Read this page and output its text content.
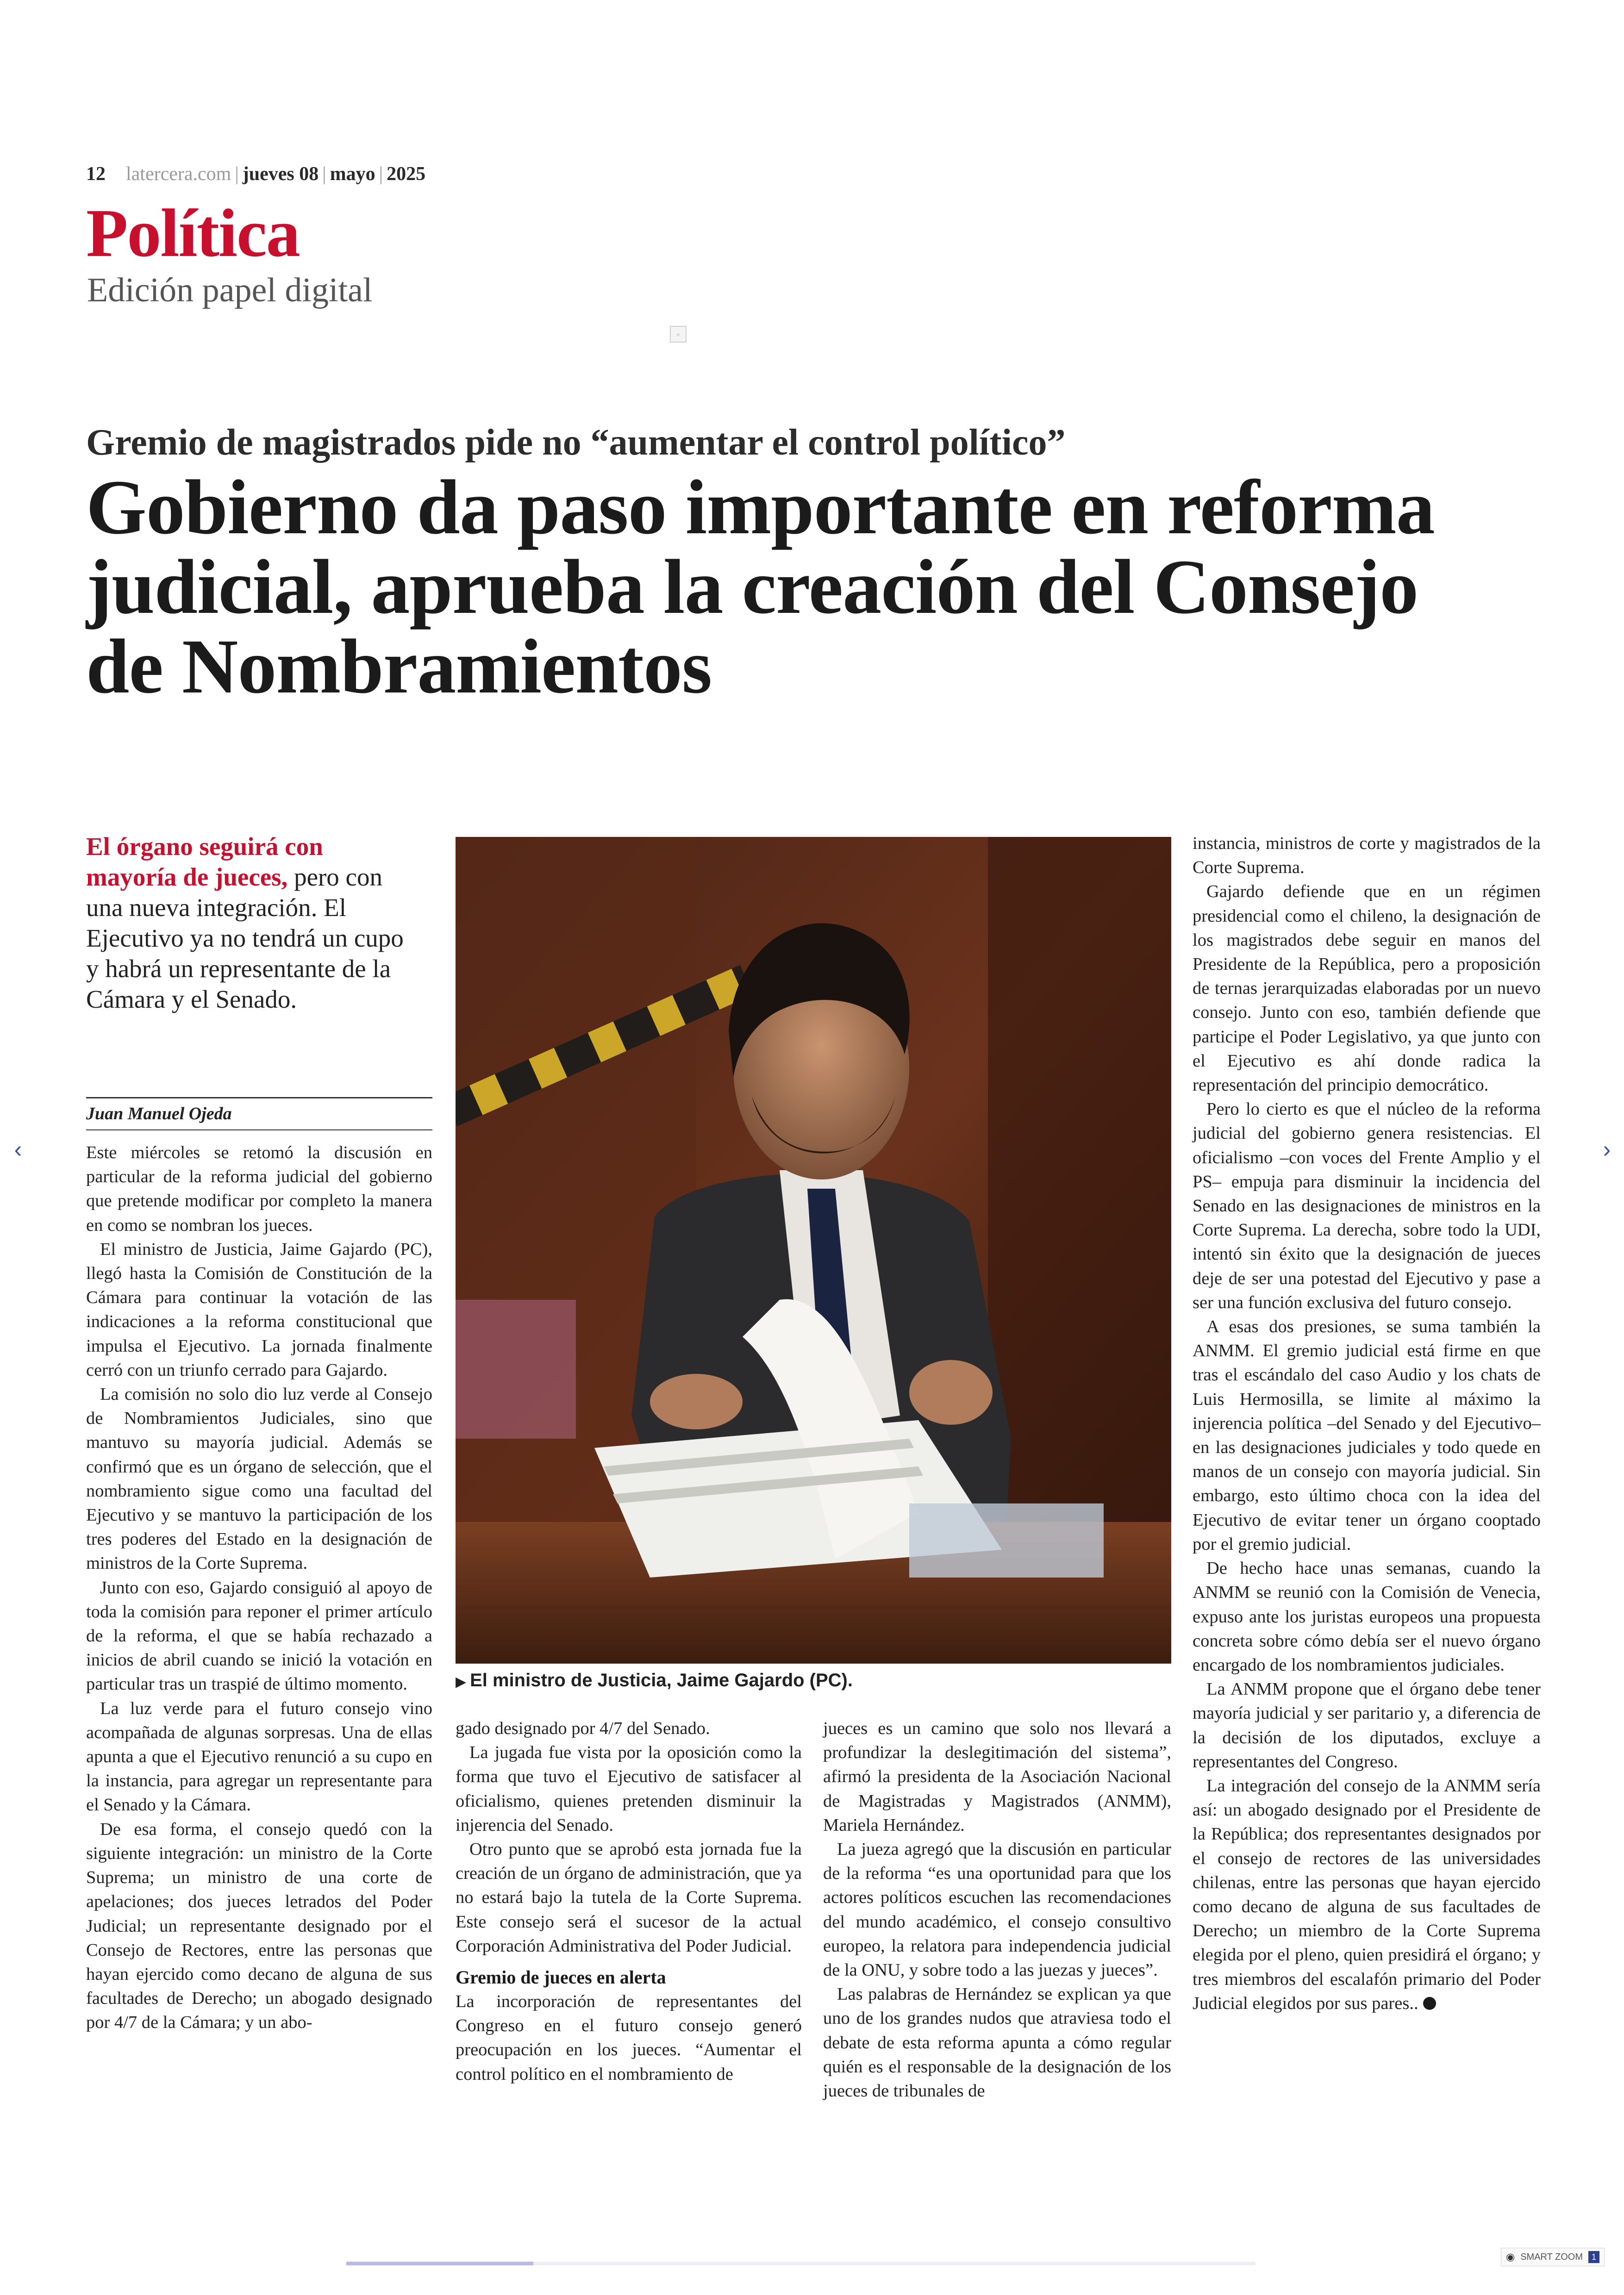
12 latercera.com | jueves 08 | mayo | 2025
Política
Edición papel digital
▫
Gremio de magistrados pide no “aumentar el control político”
Gobierno da paso importante en reforma judicial, aprueba la creación del Consejo de Nombramientos
El órgano seguirá con mayoría de jueces, pero con una nueva integración. El Ejecutivo ya no tendrá un cupo y habrá un representante de la Cámara y el Senado.
Juan Manuel Ojeda

Este miércoles se retomó la discusión en particular de la reforma judicial del gobierno que pretende modificar por completo la manera en como se nombran los jueces.

El ministro de Justicia, Jaime Gajardo (PC), llegó hasta la Comisión de Constitución de la Cámara para continuar la votación de las indicaciones a la reforma constitucional que impulsa el Ejecutivo. La jornada finalmente cerró con un triunfo cerrado para Gajardo.

La comisión no solo dio luz verde al Consejo de Nombramientos Judiciales, sino que mantuvo su mayoría judicial. Además se confirmó que es un órgano de selección, que el nombramiento sigue como una facultad del Ejecutivo y se mantuvo la participación de los tres poderes del Estado en la designación de ministros de la Corte Suprema.

Junto con eso, Gajardo consiguió al apoyo de toda la comisión para reponer el primer artículo de la reforma, el que se había rechazado a inicios de abril cuando se inició la votación en particular tras un traspié de último momento.

La luz verde para el futuro consejo vino acompañada de algunas sorpresas. Una de ellas apunta a que el Ejecutivo renunció a su cupo en la instancia, para agregar un representante para el Senado y la Cámara.

De esa forma, el consejo quedó con la siguiente integración: un ministro de la Corte Suprema; un ministro de una corte de apelaciones; dos jueces letrados del Poder Judicial; un representante designado por el Consejo de Rectores, entre las personas que hayan ejercido como decano de alguna de sus facultades de Derecho; un abogado designado por 4/7 de la Cámara; y un abo-

▶ El ministro de Justicia, Jaime Gajardo (PC).

gado designado por 4/7 del Senado.

La jugada fue vista por la oposición como la forma que tuvo el Ejecutivo de satisfacer al oficialismo, quienes pretenden disminuir la injerencia del Senado.

Otro punto que se aprobó esta jornada fue la creación de un órgano de administración, que ya no estará bajo la tutela de la Corte Suprema. Este consejo será el sucesor de la actual Corporación Administrativa del Poder Judicial.

Gremio de jueces en alerta

La incorporación de representantes del Congreso en el futuro consejo generó preocupación en los jueces. “Aumentar el control político en el nombramiento de

jueces es un camino que solo nos llevará a profundizar la deslegitimación del sistema”, afirmó la presidenta de la Asociación Nacional de Magistradas y Magistrados (ANMM), Mariela Hernández.

La jueza agregó que la discusión en particular de la reforma “es una oportunidad para que los actores políticos escuchen las recomendaciones del mundo académico, el consejo consultivo europeo, la relatora para independencia judicial de la ONU, y sobre todo a las juezas y jueces”.

Las palabras de Hernández se explican ya que uno de los grandes nudos que atraviesa todo el debate de esta reforma apunta a cómo regular quién es el responsable de la designación de los jueces de tribunales de

instancia, ministros de corte y magistrados de la Corte Suprema.

Gajardo defiende que en un régimen presidencial como el chileno, la designación de los magistrados debe seguir en manos del Presidente de la República, pero a proposición de ternas jerarquizadas elaboradas por un nuevo consejo. Junto con eso, también defiende que participe el Poder Legislativo, ya que junto con el Ejecutivo es ahí donde radica la representación del principio democrático.

Pero lo cierto es que el núcleo de la reforma judicial del gobierno genera resistencias. El oficialismo –con voces del Frente Amplio y el PS– empuja para disminuir la incidencia del Senado en las designaciones de ministros en la Corte Suprema. La derecha, sobre todo la UDI, intentó sin éxito que la designación de jueces deje de ser una potestad del Ejecutivo y pase a ser una función exclusiva del futuro consejo.

A esas dos presiones, se suma también la ANMM. El gremio judicial está firme en que tras el escándalo del caso Audio y los chats de Luis Hermosilla, se limite al máximo la injerencia política –del Senado y del Ejecutivo– en las designaciones judiciales y todo quede en manos de un consejo con mayoría judicial. Sin embargo, esto último choca con la idea del Ejecutivo de evitar tener un órgano cooptado por el gremio judicial.

De hecho hace unas semanas, cuando la ANMM se reunió con la Comisión de Venecia, expuso ante los juristas europeos una propuesta concreta sobre cómo debía ser el nuevo órgano encargado de los nombramientos judiciales.

La ANMM propone que el órgano debe tener mayoría judicial y ser paritario y, a diferencia de la decisión de los diputados, excluye a representantes del Congreso.

La integración del consejo de la ANMM sería así: un abogado designado por el Presidente de la República; dos representantes designados por el consejo de rectores de las universidades chilenas, entre las personas que hayan ejercido como decano de alguna de sus facultades de Derecho; un miembro de la Corte Suprema elegida por el pleno, quien presidirá el órgano; y tres miembros del escalafón primario del Poder Judicial elegidos por sus pares..

‹	›
◉ SMART ZOOM	1
